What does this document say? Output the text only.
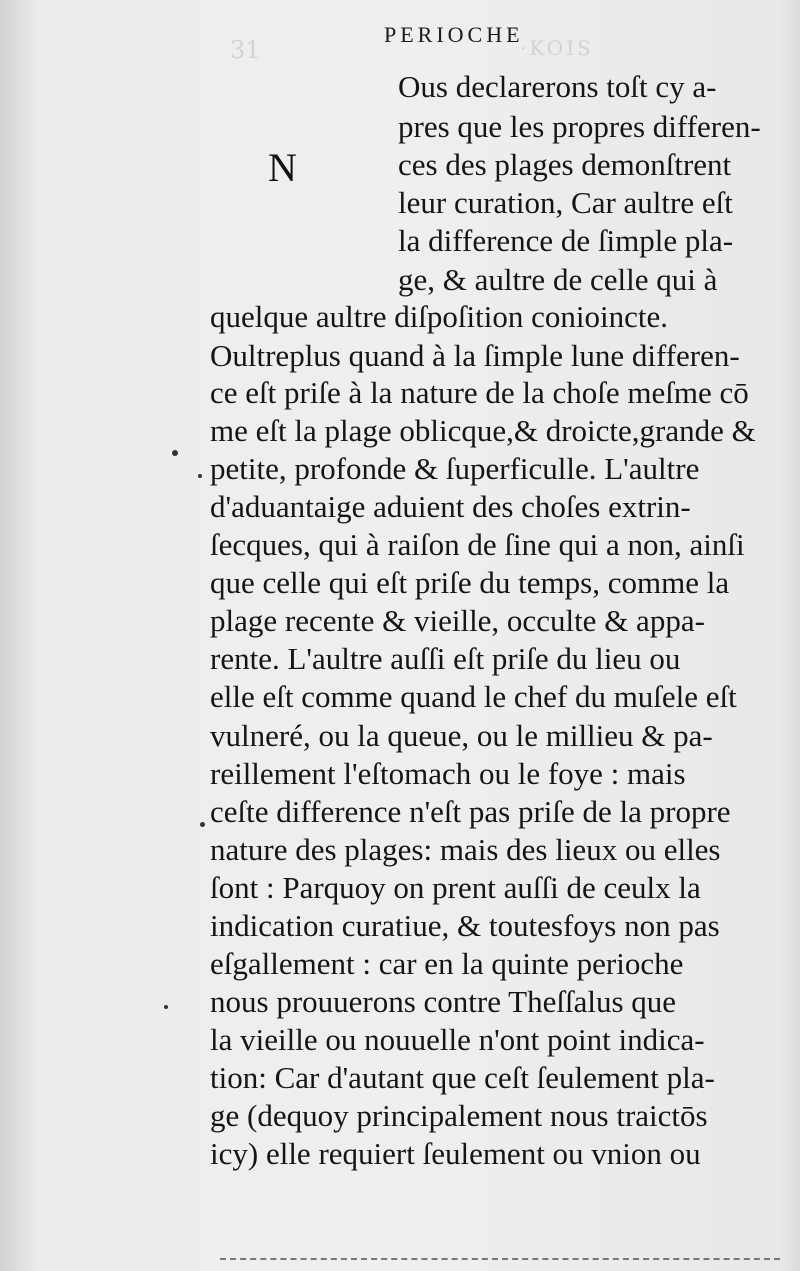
31	·KOIS
PERIOCHE
N
Ous declarerons toſt cy a-
pres que les propres differen-
ces des plages demonſtrent
leur curation, Car aultre eſt
la difference de ſimple pla-
ge, & aultre de celle qui à
quelque aultre diſpoſition conioincte.
Oultreplus quand à la ſimple lune differen-
ce eſt priſe à la nature de la choſe meſme cō
me eſt la plage oblicque,& droicte,grande &
petite, profonde & ſuperficulle. L'aultre
d'aduantaige aduient des choſes extrin-
ſecques, qui à raiſon de ſine qui a non, ainſi
que celle qui eſt priſe du temps, comme la
plage recente & vieille, occulte & appa-
rente. L'aultre auſſi eſt priſe du lieu ou
elle eſt comme quand le chef du muſele eſt
vulneré, ou la queue, ou le millieu & pa-
reillement l'eſtomach ou le foye : mais
ceſte difference n'eſt pas priſe de la propre
nature des plages: mais des lieux ou elles
ſont : Parquoy on prent auſſi de ceulx la
indication curatiue, & toutesfoys non pas
eſgallement : car en la quinte perioche
nous prouuerons contre Theſſalus que
la vieille ou nouuelle n'ont point indica-
tion: Car d'autant que ceſt ſeulement pla-
ge (dequoy principalement nous traictōs
icy) elle requiert ſeulement ou vnion ou
